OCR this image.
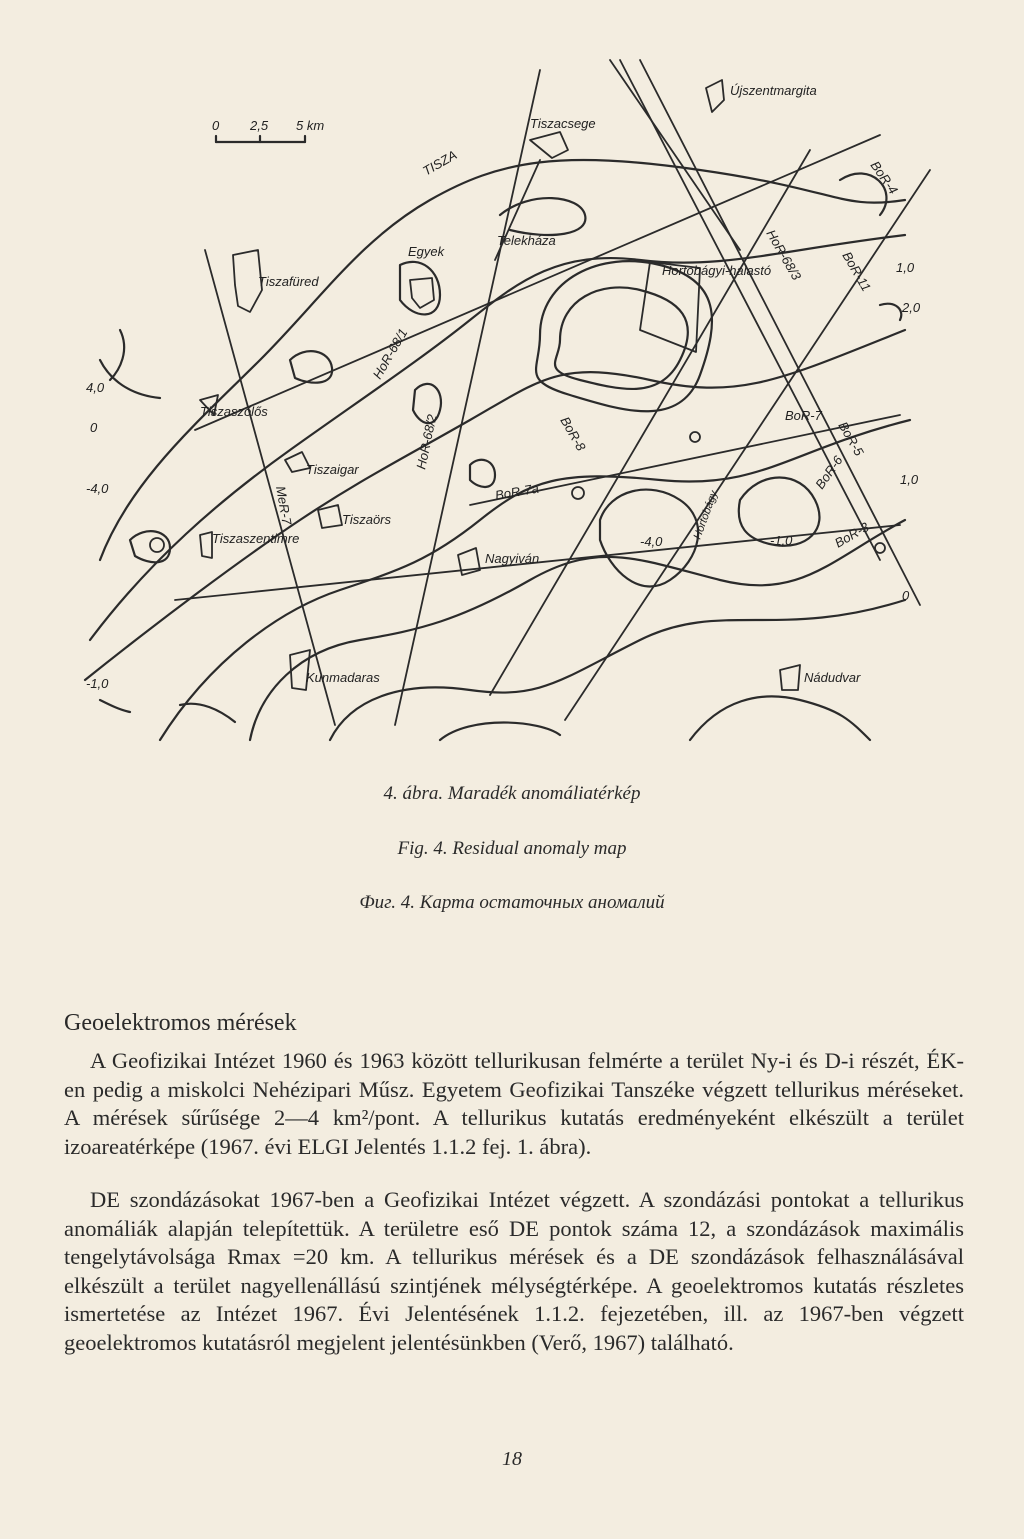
0 2,5 5 km
Újszentmargita
Tiszacsege
Telekháza
Egyek
Tiszafüred
Hortobágyi-halastó
Tiszaszőlős
Tiszaigar
Tiszaörs
Tiszaszentimre
Nagyiván
Kunmadaras	Nádudvar
TISZA
HoR-68/1
HoR-68/2
HoR-68/3
BoR-4
BoR-11
BoR-7
BoR-7a
BoR-5
BoR-6
BoR-3
BoR-8
MeR-7	Hortobágy
-4,0
0
4,0
2,0
-1,0
1,0
0
-4,0
1,0
-1,0
4. ábra. Maradék anomáliatérkép
Fig. 4. Residual anomaly map
Фиг. 4. Карта остаточных аномалий
Geoelektromos mérések

A Geofizikai Intézet 1960 és 1963 között tellurikusan felmérte a terület Ny-i és D-i részét, ÉK-en pedig a miskolci Nehézipari Műsz. Egyetem Geofizikai Tanszéke végzett tellurikus méréseket. A mérések sűrűsége 2—4 km²/pont. A tellurikus kutatás eredményeként elkészült a terület izoareatérképe (1967. évi ELGI Jelentés 1.1.2 fej. 1. ábra).

DE szondázásokat 1967-ben a Geofizikai Intézet végzett. A szondázási pontokat a tellurikus anomáliák alapján telepítettük. A területre eső DE pontok száma 12, a szondázások maximális tengelytávolsága Rmax =20 km. A tellurikus mérések és a DE szondázások felhasználásával elkészült a terület nagyellenállású szintjének mélységtérképe. A geoelektromos kutatás részletes ismertetése az Intézet 1967. Évi Jelentésének 1.1.2. fejezetében, ill. az 1967-ben végzett geoelektromos kutatásról megjelent jelentésünkben (Verő, 1967) található.

18
